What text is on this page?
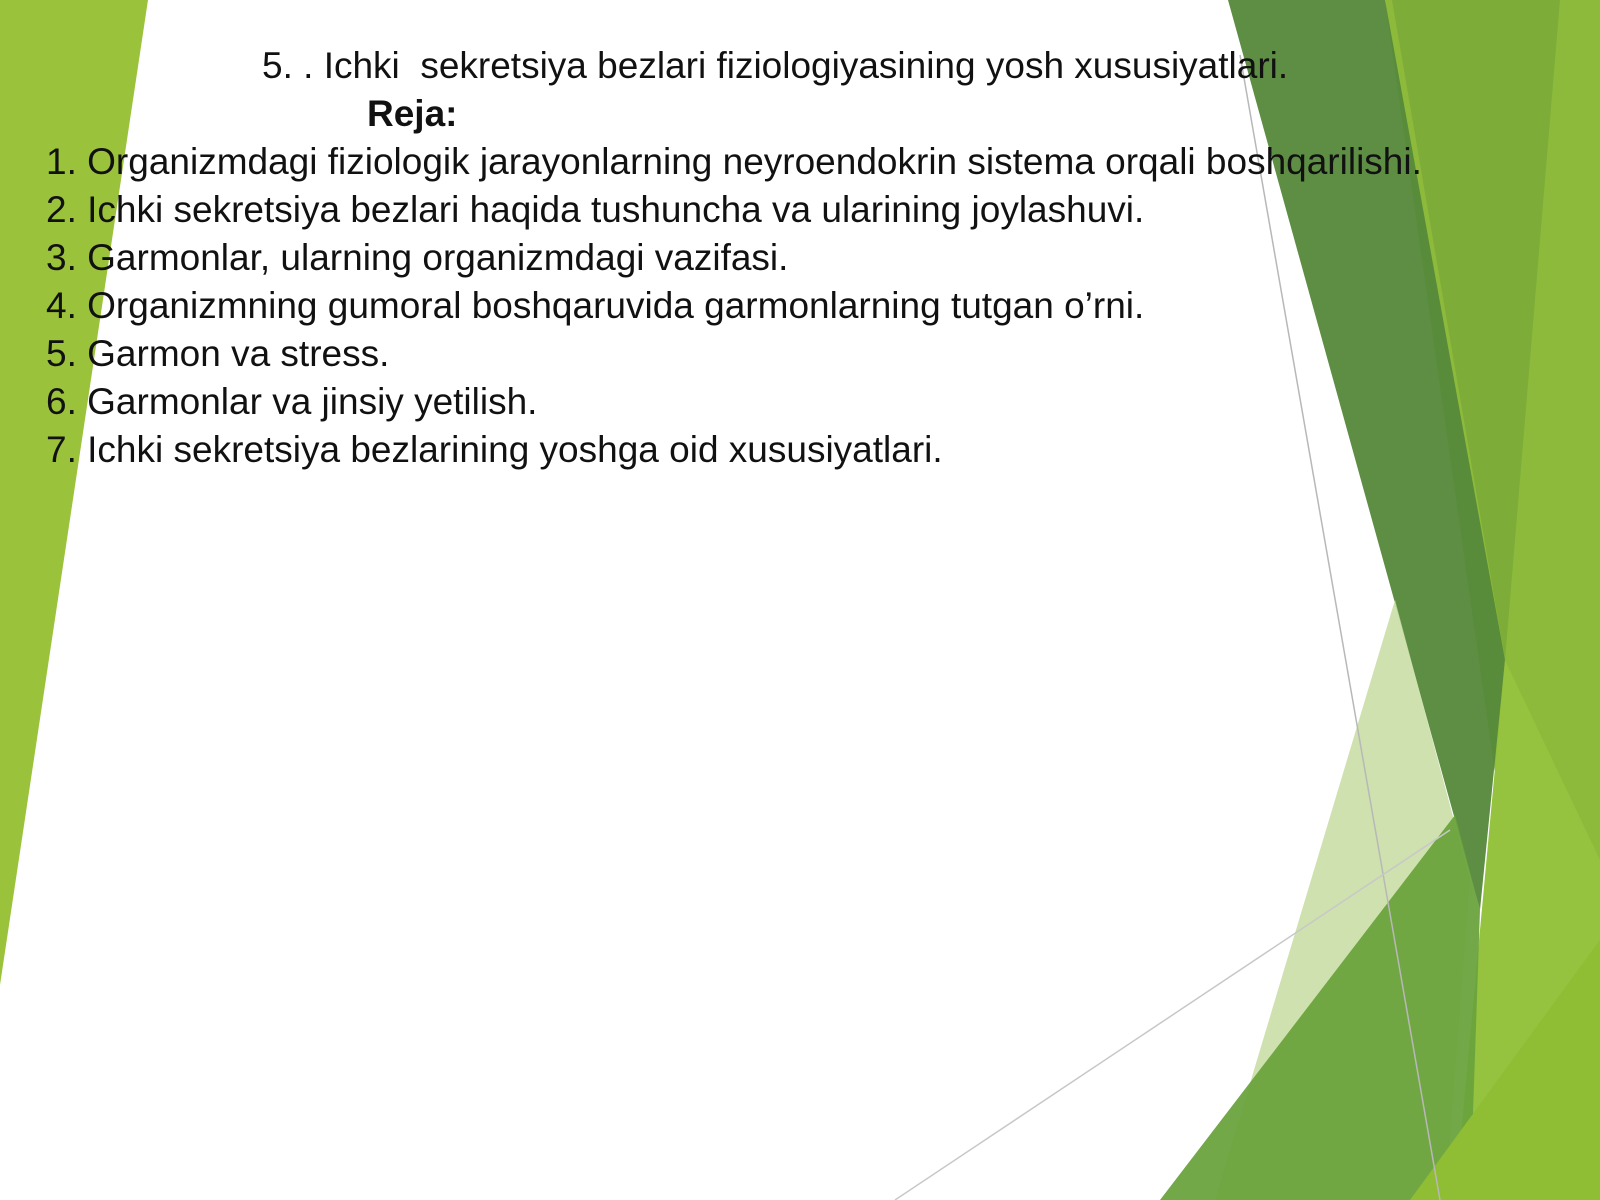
5. . Ichki  sekretsiya bezlari fiziologiyasining yosh xususiyatlari.
Reja:
1. Organizmdagi fiziologik jarayonlarning neyroendokrin sistema orqali boshqarilishi.
2. Ichki sekretsiya bezlari haqida tushuncha va ularining joylashuvi.
3. Garmonlar, ularning organizmdagi vazifasi.
4. Organizmning gumoral boshqaruvida garmonlarning tutgan o’rni.
5. Garmon va stress.
6. Garmonlar va jinsiy yetilish.
7. Ichki sekretsiya bezlarining yoshga oid xususiyatlari.
